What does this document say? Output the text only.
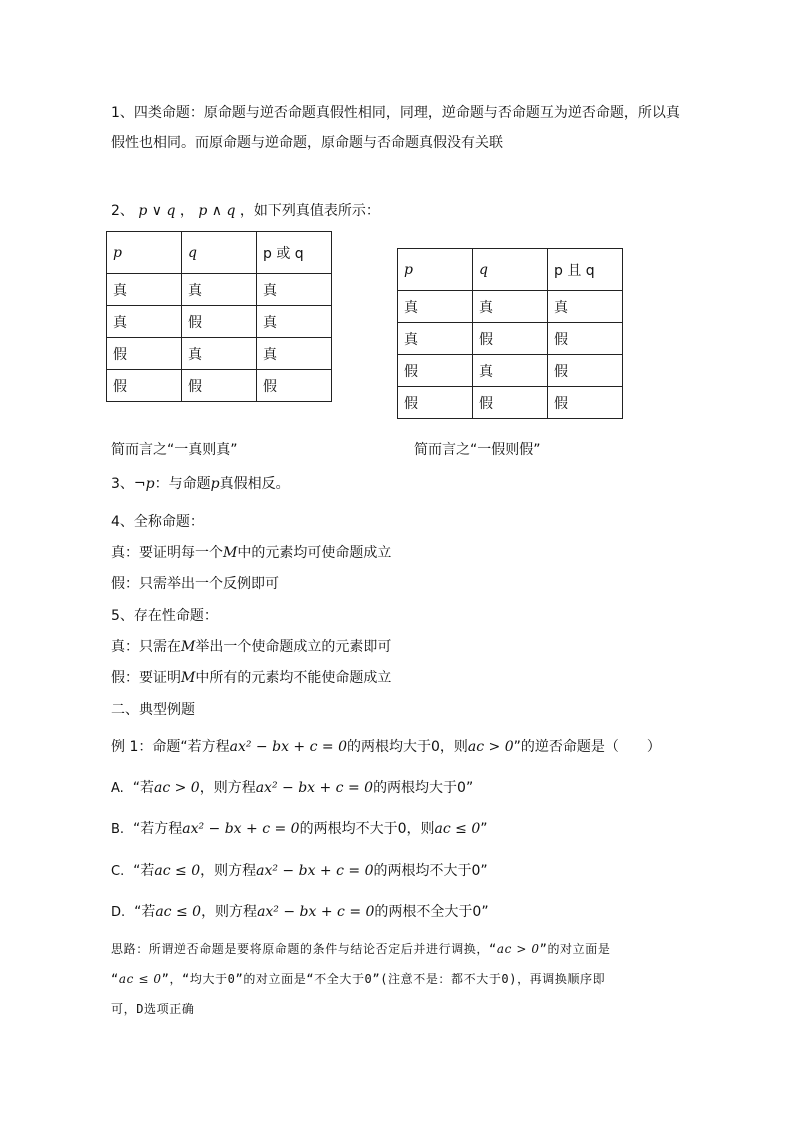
1、四类命题：原命题与逆否命题真假性相同，同理，逆命题与否命题互为逆否命题，所以真
假性也相同。而原命题与逆命题，原命题与否命题真假没有关联
2、 p ∨ q ， p ∧ q ，如下列真值表所示：
p	q	p 或 q
真	真	真
真	假	真
假	真	真
假	假	假
p	q	p 且 q
真	真	真
真	假	假
假	真	假
假	假	假
简而言之“一真则真”	简而言之“一假则假”
3、¬p：与命题p真假相反。
4、全称命题：
真：要证明每一个M中的元素均可使命题成立
假：只需举出一个反例即可
5、存在性命题：
真：只需在M举出一个使命题成立的元素即可
假：要证明M中所有的元素均不能使命题成立
二、典型例题
例 1：命题“若方程ax² − bx + c = 0的两根均大于0，则ac > 0”的逆否命题是（　　）
A. “若ac > 0，则方程ax² − bx + c = 0的两根均大于0”
B. “若方程ax² − bx + c = 0的两根均不大于0，则ac ≤ 0”
C. “若ac ≤ 0，则方程ax² − bx + c = 0的两根均不大于0”
D. “若ac ≤ 0，则方程ax² − bx + c = 0的两根不全大于0”
思路：所谓逆否命题是要将原命题的条件与结论否定后并进行调换，“ac > 0”的对立面是
“ac ≤ 0”，“均大于0”的对立面是“不全大于0”(注意不是：都不大于0)，再调换顺序即
可，D选项正确
